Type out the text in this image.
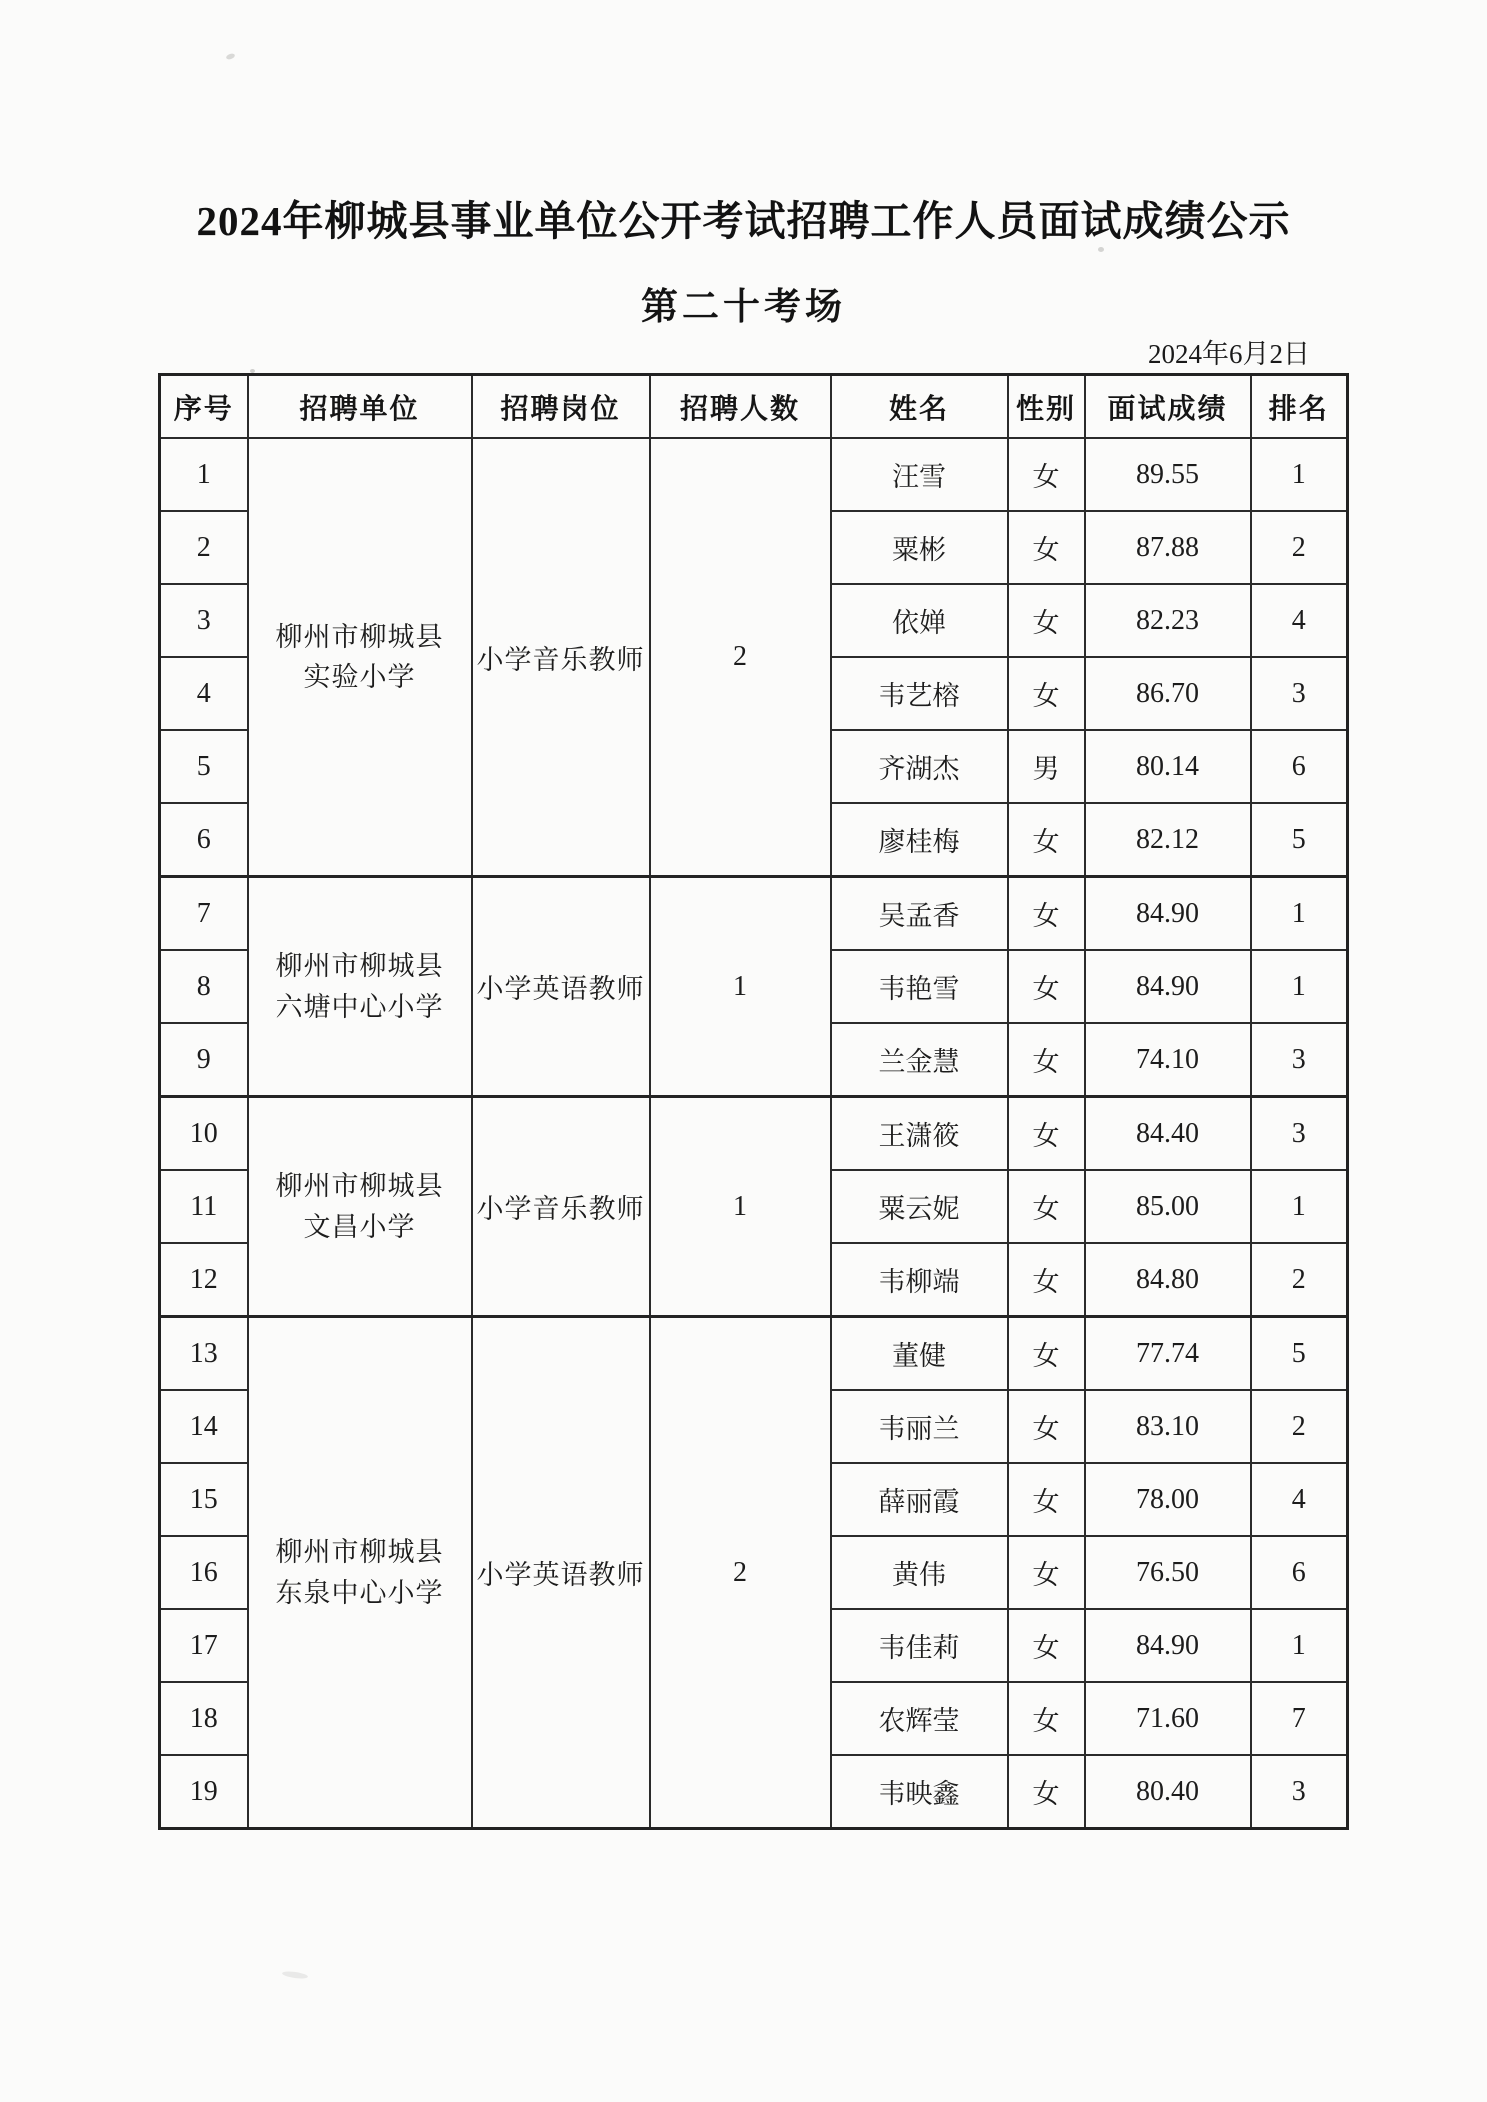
2024年柳城县事业单位公开考试招聘工作人员面试成绩公示
第二十考场
2024年6月2日
序号	招聘单位	招聘岗位	招聘人数	姓名	性别	面试成绩	排名
1	柳州市柳城县实验小学	小学音乐教师	2	汪雪	女	89.55	1
2				粟彬	女	87.88	2
3				依婵	女	82.23	4
4				韦艺榕	女	86.70	3
5				齐湖杰	男	80.14	6
6				廖桂梅	女	82.12	5
7	柳州市柳城县六塘中心小学	小学英语教师	1	吴孟香	女	84.90	1
8				韦艳雪	女	84.90	1
9				兰金慧	女	74.10	3
10	柳州市柳城县文昌小学	小学音乐教师	1	王潇筱	女	84.40	3
11				粟云妮	女	85.00	1
12				韦柳端	女	84.80	2
13	柳州市柳城县东泉中心小学	小学英语教师	2	董健	女	77.74	5
14				韦丽兰	女	83.10	2
15				薛丽霞	女	78.00	4
16				黄伟	女	76.50	6
17				韦佳莉	女	84.90	1
18				农辉莹	女	71.60	7
19				韦映鑫	女	80.40	3
